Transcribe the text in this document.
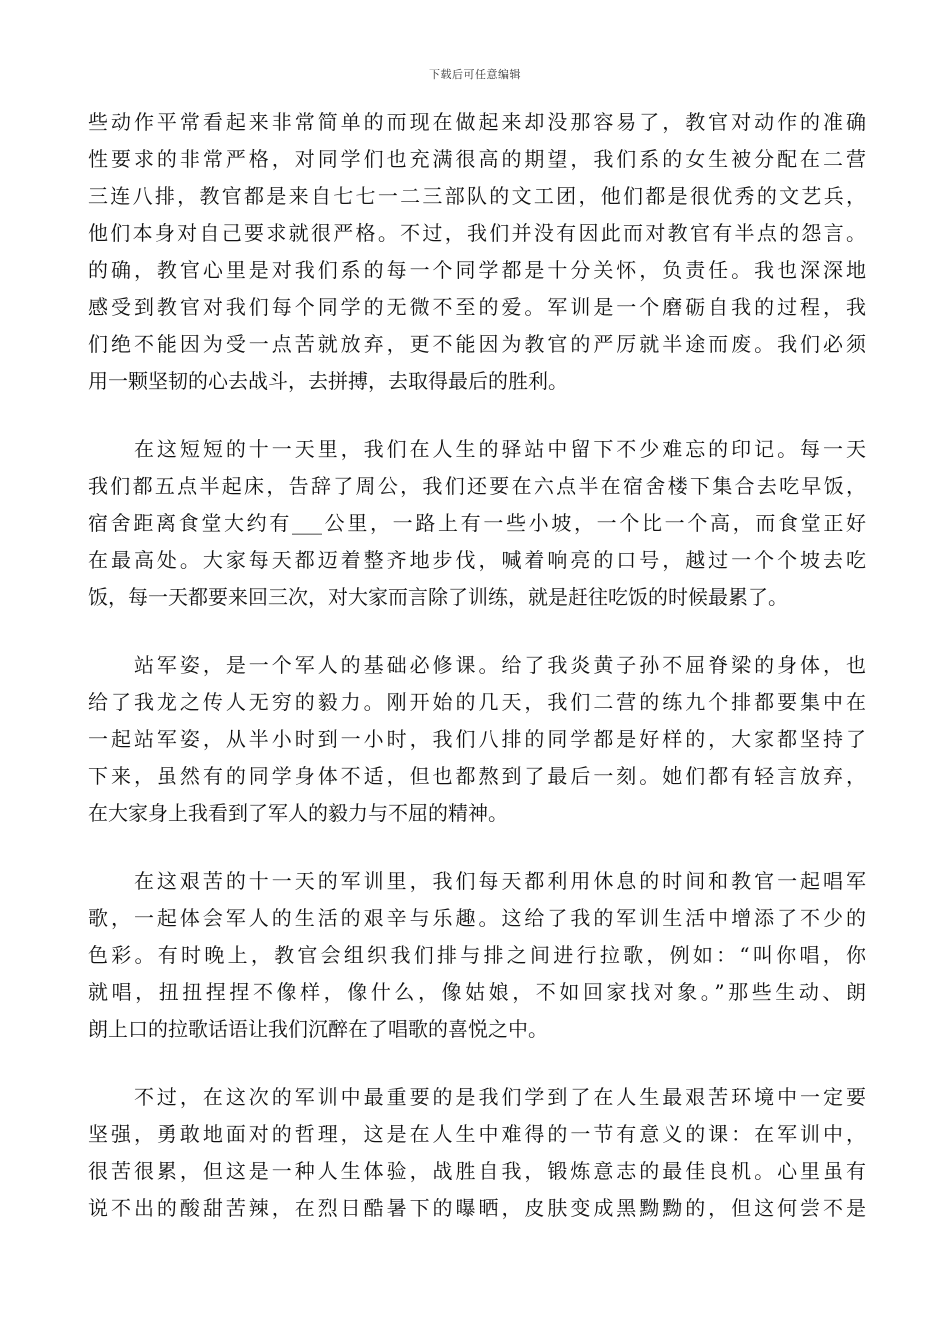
下载后可任意编辑
些动作平常看起来非常简单的而现在做起来却没那容易了，教官对动作的准确
性要求的非常严格，对同学们也充满很高的期望，我们系的女生被分配在二营
三连八排，教官都是来自七七一二三部队的文工团，他们都是很优秀的文艺兵，
他们本身对自己要求就很严格。不过，我们并没有因此而对教官有半点的怨言。
的确，教官心里是对我们系的每一个同学都是十分关怀，负责任。我也深深地
感受到教官对我们每个同学的无微不至的爱。军训是一个磨砺自我的过程，我
们绝不能因为受一点苦就放弃，更不能因为教官的严厉就半途而废。我们必须
用一颗坚韧的心去战斗，去拼搏，去取得最后的胜利。
　　在这短短的十一天里，我们在人生的驿站中留下不少难忘的印记。每一天
我们都五点半起床，告辞了周公，我们还要在六点半在宿舍楼下集合去吃早饭，
宿舍距离食堂大约有___公里，一路上有一些小坡，一个比一个高，而食堂正好
在最高处。大家每天都迈着整齐地步伐，喊着响亮的口号，越过一个个坡去吃
饭，每一天都要来回三次，对大家而言除了训练，就是赶往吃饭的时候最累了。
　　站军姿，是一个军人的基础必修课。给了我炎黄子孙不屈脊梁的身体，也
给了我龙之传人无穷的毅力。刚开始的几天，我们二营的练九个排都要集中在
一起站军姿，从半小时到一小时，我们八排的同学都是好样的，大家都坚持了
下来，虽然有的同学身体不适，但也都熬到了最后一刻。她们都有轻言放弃，
在大家身上我看到了军人的毅力与不屈的精神。
　　在这艰苦的十一天的军训里，我们每天都利用休息的时间和教官一起唱军
歌，一起体会军人的生活的艰辛与乐趣。这给了我的军训生活中增添了不少的
色彩。有时晚上，教官会组织我们排与排之间进行拉歌，例如：“叫你唱，你
就唱，扭扭捏捏不像样，像什么，像姑娘，不如回家找对象。”那些生动、朗
朗上口的拉歌话语让我们沉醉在了唱歌的喜悦之中。
　　不过，在这次的军训中最重要的是我们学到了在人生最艰苦环境中一定要
坚强，勇敢地面对的哲理，这是在人生中难得的一节有意义的课：在军训中，
很苦很累，但这是一种人生体验，战胜自我，锻炼意志的最佳良机。心里虽有
说不出的酸甜苦辣，在烈日酷暑下的曝晒，皮肤变成黑黝黝的，但这何尝不是
